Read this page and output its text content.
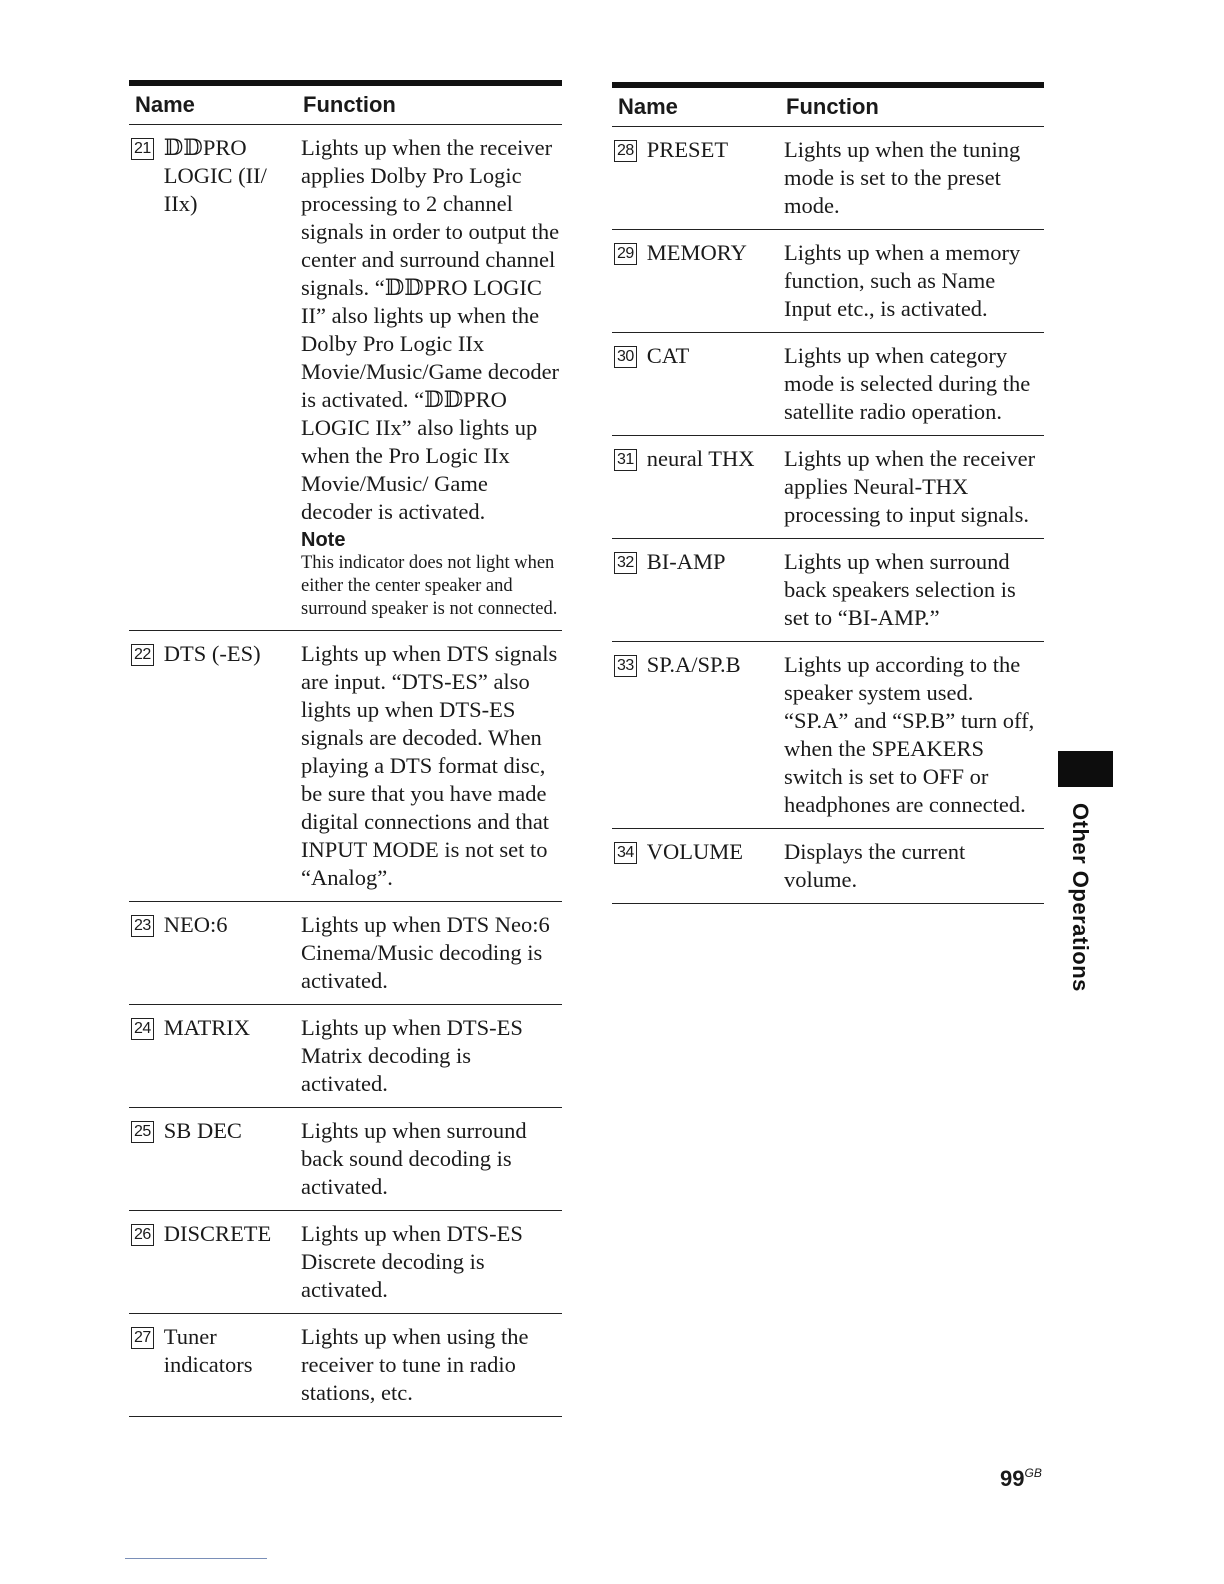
Name	Function

21 𝔻𝔻PRO LOGIC (II/ IIx)	Lights up when the receiver applies Dolby Pro Logic processing to 2 channel signals in order to output the center and surround channel signals. “𝔻𝔻PRO LOGIC II” also lights up when the Dolby Pro Logic IIx Movie/Music/Game decoder is activated. “𝔻𝔻PRO LOGIC IIx” also lights up when the Pro Logic IIx Movie/Music/ Game decoder is activated.
Note
This indicator does not light when either the center speaker and surround speaker is not connected.

22 DTS (-ES)	Lights up when DTS signals are input. “DTS-ES” also lights up when DTS-ES signals are decoded. When playing a DTS format disc, be sure that you have made digital connections and that INPUT MODE is not set to “Analog”.

23 NEO:6	Lights up when DTS Neo:6 Cinema/Music decoding is activated.

24 MATRIX	Lights up when DTS-ES Matrix decoding is activated.

25 SB DEC	Lights up when surround back sound decoding is activated.

26 DISCRETE	Lights up when DTS-ES Discrete decoding is activated.

27 Tuner indicators	Lights up when using the receiver to tune in radio stations, etc.
Name	Function

28 PRESET	Lights up when the tuning mode is set to the preset mode.

29 MEMORY	Lights up when a memory function, such as Name Input etc., is activated.

30 CAT	Lights up when category mode is selected during the satellite radio operation.

31 neural THX	Lights up when the receiver applies Neural-THX processing to input signals.

32 BI-AMP	Lights up when surround back speakers selection is set to “BI-AMP.”

33 SP.A/SP.B	Lights up according to the speaker system used. “SP.A” and “SP.B” turn off, when the SPEAKERS switch is set to OFF or headphones are connected.

34 VOLUME	Displays the current volume.	Other Operations
$99^{GB}$
